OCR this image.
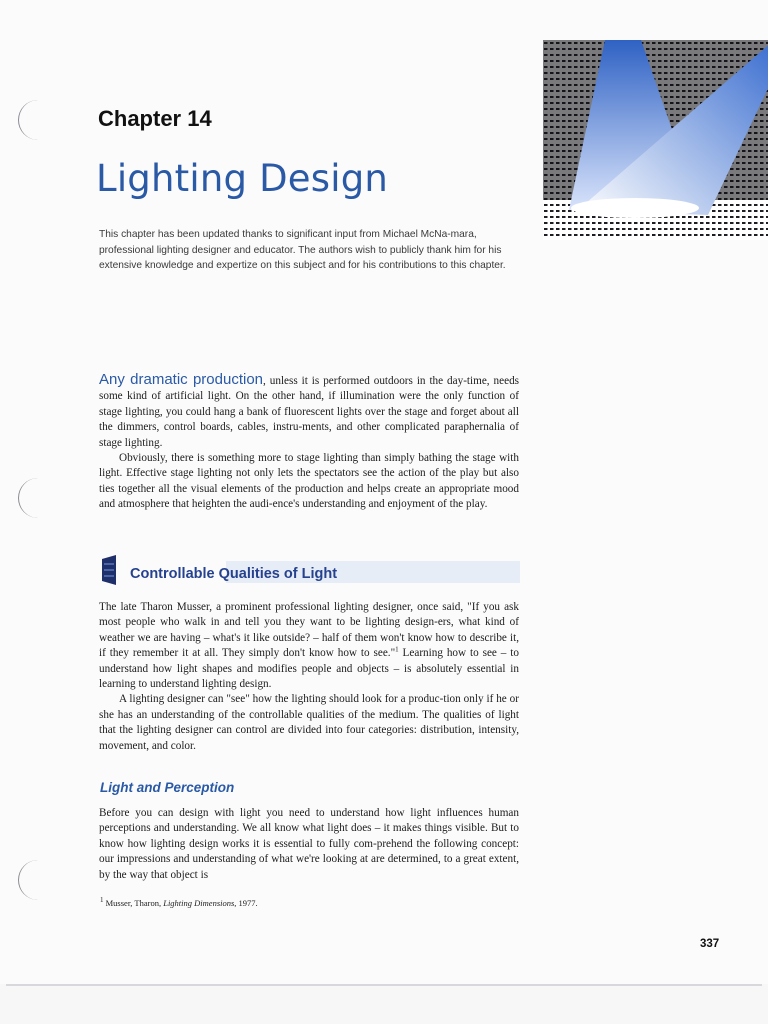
Chapter 14
Lighting Design
This chapter has been updated thanks to significant input from Michael McNa-mara, professional lighting designer and educator. The authors wish to publicly thank him for his extensive knowledge and expertize on this subject and for his contributions to this chapter.

Any dramatic production, unless it is performed outdoors in the day-time, needs some kind of artificial light. On the other hand, if illumination were the only function of stage lighting, you could hang a bank of fluorescent lights over the stage and forget about all the dimmers, control boards, cables, instru-ments, and other complicated paraphernalia of stage lighting.

Obviously, there is something more to stage lighting than simply bathing the stage with light. Effective stage lighting not only lets the spectators see the action of the play but also ties together all the visual elements of the production and helps create an appropriate mood and atmosphere that heighten the audi-ence's understanding and enjoyment of the play.

Controllable Qualities of Light

The late Tharon Musser, a prominent professional lighting designer, once said, "If you ask most people who walk in and tell you they want to be lighting design-ers, what kind of weather we are having – what's it like outside? – half of them won't know how to describe it, if they remember it at all. They simply don't know how to see."$^1$ Learning how to see – to understand how light shapes and modifies people and objects – is absolutely essential in learning to understand lighting design.

A lighting designer can "see" how the lighting should look for a produc-tion only if he or she has an understanding of the controllable qualities of the medium. The qualities of light that the lighting designer can control are divided into four categories: distribution, intensity, movement, and color.

Light and Perception

Before you can design with light you need to understand how light influences human perceptions and understanding. We all know what light does – it makes things visible. But to know how lighting design works it is essential to fully com-prehend the following concept: our impressions and understanding of what we're looking at are determined, to a great extent, by the way that object is

$^1$ Musser, Tharon, Lighting Dimensions, 1977.
337
